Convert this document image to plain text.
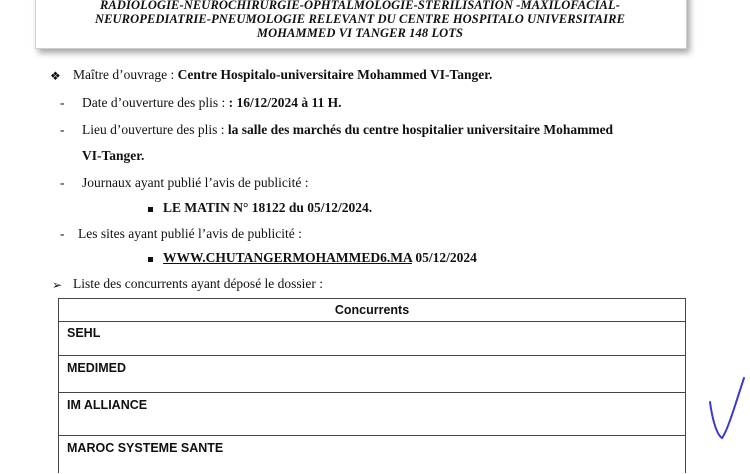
RADIOLOGIE-NEUROCHIRURGIE-OPHTALMOLOGIE-STERILISATION -MAXILOFACIAL-
NEUROPEDIATRIE-PNEUMOLOGIE RELEVANT DU CENTRE HOSPITALO UNIVERSITAIRE
MOHAMMED VI TANGER 148 LOTS
❖ Maître d’ouvrage : Centre Hospitalo-universitaire Mohammed VI-Tanger.
- Date d’ouverture des plis : : 16/12/2024 à 11 H.
- Lieu d’ouverture des plis : la salle des marchés du centre hospitalier universitaire Mohammed
VI-Tanger.
- Journaux ayant publié l’avis de publicité :
LE MATIN N° 18122 du 05/12/2024.
- Les sites ayant publié l’avis de publicité :
WWW.CHUTANGERMOHAMMED6.MA 05/12/2024
➢ Liste des concurrents ayant déposé le dossier :
Concurrents
SEHL
MEDIMED
IM ALLIANCE
MAROC SYSTEME SANTE
